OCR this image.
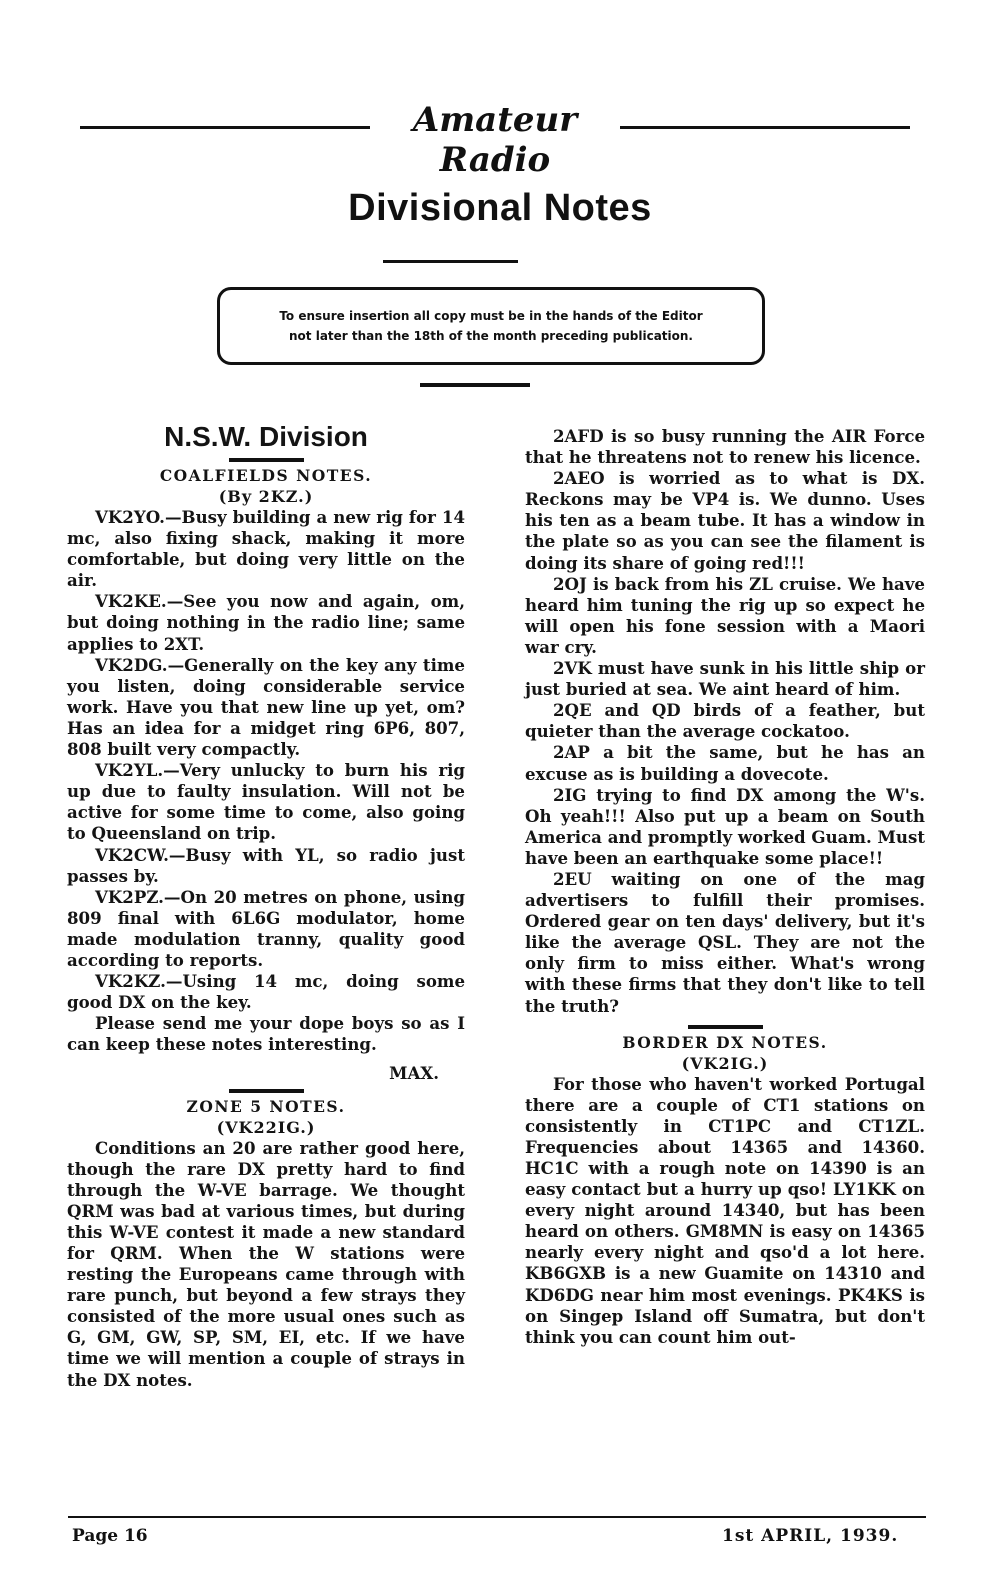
Amateur Radio
Divisional Notes
To ensure insertion all copy must be in the hands of the Editor
not later than the 18th of the month preceding publication.
N.S.W. Division
COALFIELDS NOTES.
(By 2KZ.)

VK2YO.—Busy building a new rig for 14 mc, also fixing shack, making it more comfortable, but doing very little on the air.

VK2KE.—See you now and again, om, but doing nothing in the radio line; same applies to 2XT.

VK2DG.—Generally on the key any time you listen, doing considerable service work. Have you that new line up yet, om? Has an idea for a midget ring 6P6, 807, 808 built very compactly.

VK2YL.—Very unlucky to burn his rig up due to faulty insulation. Will not be active for some time to come, also going to Queensland on trip.

VK2CW.—Busy with YL, so radio just passes by.

VK2PZ.—On 20 metres on phone, using 809 final with 6L6G modulator, home made modulation tranny, quality good according to reports.

VK2KZ.—Using 14 mc, doing some good DX on the key.

Please send me your dope boys so as I can keep these notes interesting.

MAX.
ZONE 5 NOTES.
(VK22IG.)

Conditions an 20 are rather good here, though the rare DX pretty hard to find through the W-VE barrage. We thought QRM was bad at various times, but during this W-VE contest it made a new standard for QRM. When the W stations were resting the Europeans came through with rare punch, but beyond a few strays they consisted of the more usual ones such as G, GM, GW, SP, SM, EI, etc. If we have time we will mention a couple of strays in the DX notes.

2AFD is so busy running the AIR Force that he threatens not to renew his licence.

2AEO is worried as to what is DX. Reckons may be VP4 is. We dunno. Uses his ten as a beam tube. It has a window in the plate so as you can see the filament is doing its share of going red!!!

2OJ is back from his ZL cruise. We have heard him tuning the rig up so expect he will open his fone session with a Maori war cry.

2VK must have sunk in his little ship or just buried at sea. We aint heard of him.

2QE and QD birds of a feather, but quieter than the average cockatoo.

2AP a bit the same, but he has an excuse as is building a dovecote.

2IG trying to find DX among the W's. Oh yeah!!! Also put up a beam on South America and promptly worked Guam. Must have been an earthquake some place!!

2EU waiting on one of the mag advertisers to fulfill their promises. Ordered gear on ten days' delivery, but it's like the average QSL. They are not the only firm to miss either. What's wrong with these firms that they don't like to tell the truth?

BORDER DX NOTES.
(VK2IG.)

For those who haven't worked Portugal there are a couple of CT1 stations on consistently in CT1PC and CT1ZL. Frequencies about 14365 and 14360. HC1C with a rough note on 14390 is an easy contact but a hurry up qso! LY1KK on every night around 14340, but has been heard on others. GM8MN is easy on 14365 nearly every night and qso'd a lot here. KB6GXB is a new Guamite on 14310 and KD6DG near him most evenings. PK4KS is on Singep Island off Sumatra, but don't think you can count him out-

Page 16	1st APRIL, 1939.
